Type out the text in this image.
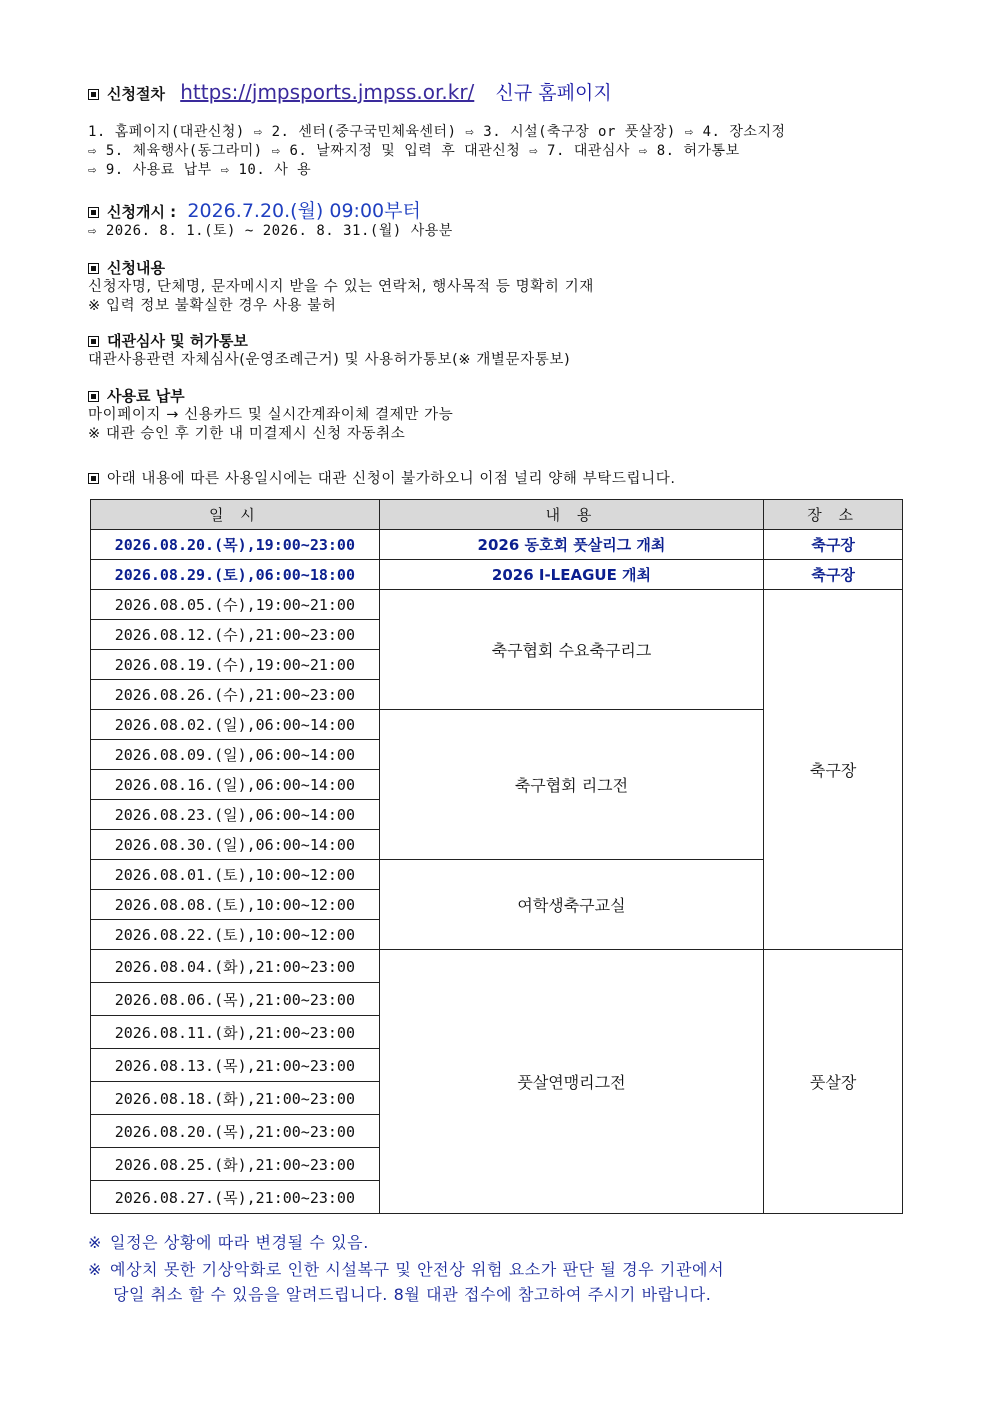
신청절차 https://jmpsports.jmpss.or.kr/ 신규 홈페이지
1. 홈페이지(대관신청) ⇨ 2. 센터(중구국민체육센터) ⇨ 3. 시설(축구장 or 풋살장) ⇨ 4. 장소지정
⇨ 5. 체육행사(동그라미) ⇨ 6. 날짜지정 및 입력 후 대관신청 ⇨ 7. 대관심사 ⇨ 8. 허가통보
⇨ 9. 사용료 납부 ⇨ 10. 사 용
신청개시 : 2026.7.20.(월) 09:00부터
⇨ 2026. 8. 1.(토) ~ 2026. 8. 31.(월) 사용분
신청내용
신청자명, 단체명, 문자메시지 받을 수 있는 연락처, 행사목적 등 명확히 기재
※ 입력 정보 불확실한 경우 사용 불허
대관심사 및 허가통보
대관사용관련 자체심사(운영조례근거) 및 사용허가통보(※ 개별문자통보)
사용료 납부
마이페이지 → 신용카드 및 실시간계좌이체 결제만 가능
※ 대관 승인 후 기한 내 미결제시 신청 자동취소
아래 내용에 따른 사용일시에는 대관 신청이 불가하오니 이점 널리 양해 부탁드립니다.
일 시	내 용	장 소
2026.08.20.(목),19:00~23:00	2026 동호회 풋살리그 개최	축구장
2026.08.29.(토),06:00~18:00	2026 I-LEAGUE 개최	축구장
2026.08.05.(수),19:00~21:00	축구협회 수요축구리그	축구장
2026.08.12.(수),21:00~23:00		
2026.08.19.(수),19:00~21:00		
2026.08.26.(수),21:00~23:00		
2026.08.02.(일),06:00~14:00	축구협회 리그전	
2026.08.09.(일),06:00~14:00		
2026.08.16.(일),06:00~14:00		
2026.08.23.(일),06:00~14:00		
2026.08.30.(일),06:00~14:00		
2026.08.01.(토),10:00~12:00	여학생축구교실	
2026.08.08.(토),10:00~12:00		
2026.08.22.(토),10:00~12:00		
2026.08.04.(화),21:00~23:00	풋살연맹리그전	풋살장
2026.08.06.(목),21:00~23:00		
2026.08.11.(화),21:00~23:00		
2026.08.13.(목),21:00~23:00		
2026.08.18.(화),21:00~23:00		
2026.08.20.(목),21:00~23:00		
2026.08.25.(화),21:00~23:00		
2026.08.27.(목),21:00~23:00		
※ 일정은 상황에 따라 변경될 수 있음.
※ 예상치 못한 기상악화로 인한 시설복구 및 안전상 위험 요소가 판단 될 경우 기관에서
당일 취소 할 수 있음을 알려드립니다. 8월 대관 접수에 참고하여 주시기 바랍니다.
